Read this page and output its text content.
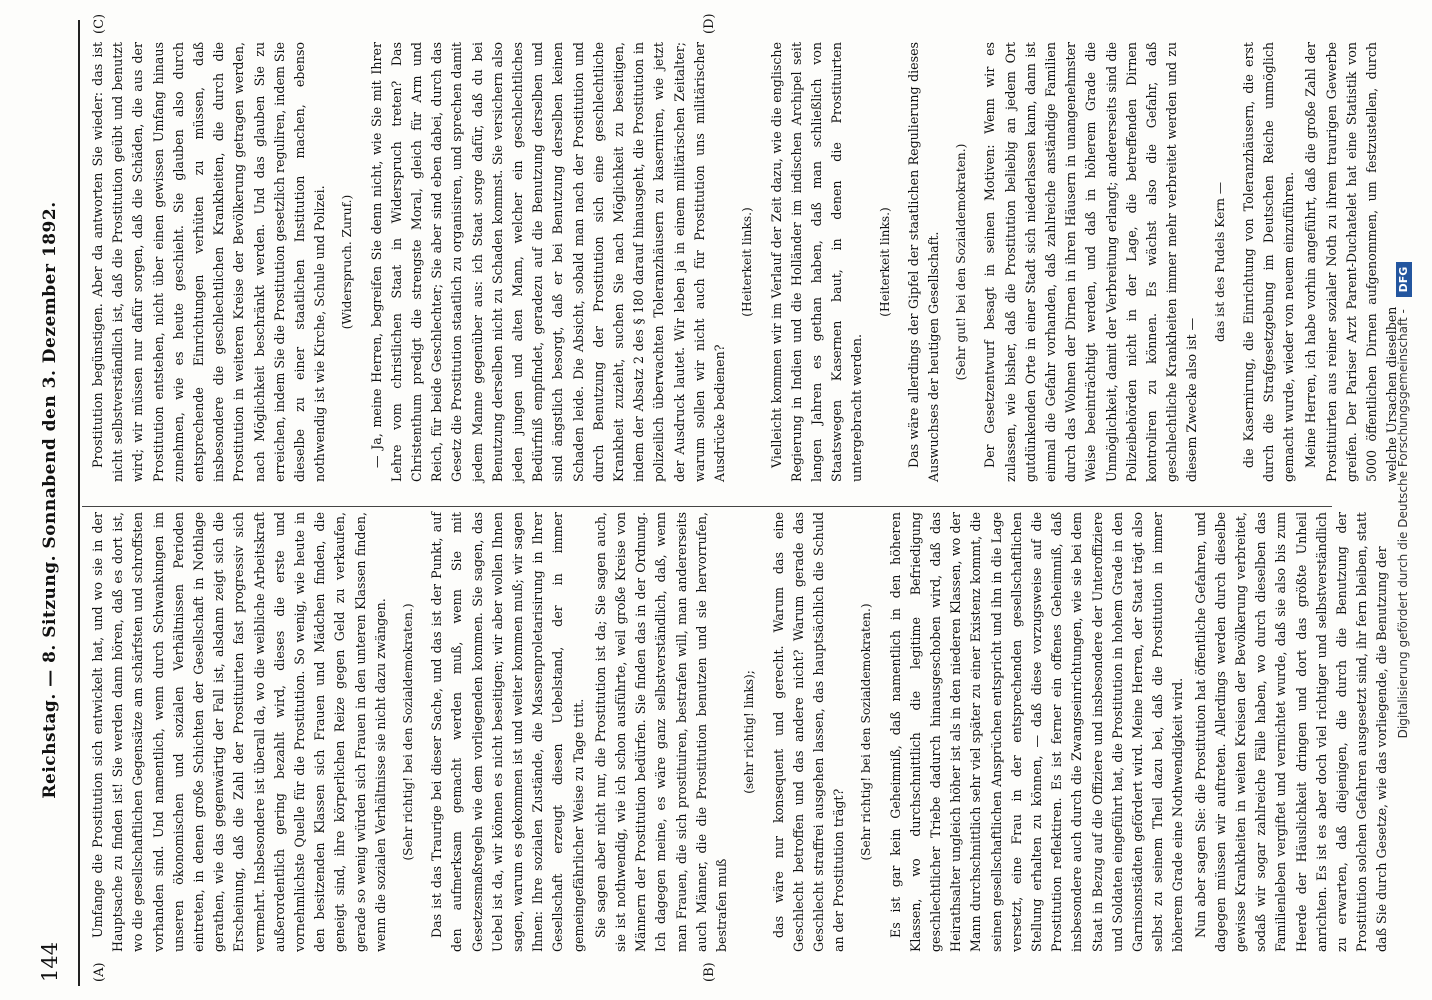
144
Reichstag. — 8. Sitzung. Sonnabend den 3. Dezember 1892.
(A)	(B)
(C)	(D)

Umfange die Prostitution sich entwickelt hat, und wo sie in der Hauptsache zu finden ist! Sie werden dann hören, daß es dort ist, wo die gesellschaftlichen Gegensätze am schärfsten und schroffsten vorhanden sind. Und namentlich, wenn durch Schwankungen im unseren ökonomischen und sozialen Verhältnissen Perioden eintreten, in denen große Schichten der Gesellschaft in Nothlage gerathen, wie das gegenwärtig der Fall ist, alsdann zeigt sich die Erscheinung, daß die Zahl der Prostituirten fast progressiv sich vermehrt. Insbesondere ist überall da, wo die weibliche Arbeitskraft außerordentlich gering bezahlt wird, dieses die erste und vornehmlichste Quelle für die Prostitution. So wenig, wie heute in den besitzenden Klassen sich Frauen und Mädchen finden, die geneigt sind, ihre körperlichen Reize gegen Geld zu verkaufen, gerade so wenig würden sich Frauen in den unteren Klassen finden, wenn die sozialen Verhältnisse sie nicht dazu zwängen. (Sehr richtig! bei den Sozialdemokraten.) Das ist das Traurige bei dieser Sache, und das ist der Punkt, auf den aufmerksam gemacht werden muß, wenn Sie mit Gesetzesmaßregeln wie dem vorliegenden kommen. Sie sagen, das Uebel ist da, wir können es nicht beseitigen; wir aber wollen Ihnen sagen, warum es gekommen ist und weiter kommen muß; wir sagen Ihnen: Ihre sozialen Zustände, die Massenproletarisirung in Ihrer Gesellschaft erzeugt diesen Uebelstand, der in immer gemeingefährlicher Weise zu Tage tritt. Sie sagen aber nicht nur, die Prostitution ist da; Sie sagen auch, sie ist nothwendig, wie ich schon ausführte, weil große Kreise von Männern der Prostitution bedürfen. Sie finden das in der Ordnung. Ich dagegen meine, es wäre ganz selbstverständlich, daß, wenn man Frauen, die sich prostituiren, bestrafen will, man andererseits auch Männer, die die Prostitution benutzen und sie hervorrufen, bestrafen muß

(sehr richtig! links); das wäre nur konsequent und gerecht. Warum das eine Geschlecht betroffen und das andere nicht? Warum gerade das Geschlecht straffrei ausgehen lassen, das hauptsächlich die Schuld an der Prostitution trägt?

(Sehr richtig! bei den Sozialdemokraten.) Es ist gar kein Geheimniß, daß namentlich in den höheren Klassen, wo durchschnittlich die legitime Befriedigung geschlechtlicher Triebe dadurch hinausgeschoben wird, daß das Heirathsalter ungleich höher ist als in den niederen Klassen, wo der Mann durchschnittlich sehr viel später zu einer Existenz kommt, die seinen gesellschaftlichen Ansprüchen entspricht und ihn in die Lage versetzt, eine Frau in der entsprechenden gesellschaftlichen Stellung erhalten zu können, — daß diese vorzugsweise auf die Prostitution reflektiren. Es ist ferner ein offenes Geheimniß, daß insbesondere auch durch die Zwangseinrichtungen, wie sie bei dem Staat in Bezug auf die Offiziere und insbesondere der Unteroffiziere und Soldaten eingeführt hat, die Prostitution in hohem Grade in den Garnisonstädten gefördert wird. Meine Herren, der Staat trägt also selbst zu seinem Theil dazu bei, daß die Prostitution in immer höherem Grade eine Nothwendigkeit wird. Nun aber sagen Sie: die Prostitution hat öffentliche Gefahren, und dagegen müssen wir auftreten. Allerdings werden durch dieselbe gewisse Krankheiten in weiten Kreisen der Bevölkerung verbreitet, sodaß wir sogar zahlreiche Fälle haben, wo durch dieselben das Familienleben vergiftet und vernichtet wurde, daß sie also bis zum Heerde der Häuslichkeit dringen und dort das größte Unheil anrichten. Es ist es aber doch viel richtiger und selbstverständlich zu erwarten, daß diejenigen, die durch die Benutzung der Prostitution solchen Gefahren ausgesetzt sind, ihr fern bleiben, statt daß Sie durch Gesetze, wie das vorliegende, die Benutzung der

Prostitution begünstigen. Aber da antworten Sie wieder: das ist nicht selbstverständlich ist, daß die Prostitution geübt und benutzt wird; wir müssen nur dafür sorgen, daß die Schäden, die aus der Prostitution entstehen, nicht über einen gewissen Umfang hinaus zunehmen, wie es heute geschieht. Sie glauben also durch entsprechende Einrichtungen verhüten zu müssen, daß insbesondere die geschlechtlichen Krankheiten, die durch die Prostitution in weiteren Kreise der Bevölkerung getragen werden, nach Möglichkeit beschränkt werden. Und das glauben Sie zu erreichen, indem Sie die Prostitution gesetzlich reguliren, indem Sie dieselbe zu einer staatlichen Institution machen, ebenso nothwendig ist wie Kirche, Schule und Polizei. (Widerspruch. Zuruf.) — Ja, meine Herren, begreifen Sie denn nicht, wie Sie mit Ihrer Lehre vom christlichen Staat in Widerspruch treten? Das Christenthum predigt die strengste Moral, gleich für Arm und Reich, für beide Geschlechter; Sie aber sind eben dabei, durch das Gesetz die Prostitution staatlich zu organisiren, und sprechen damit jedem Manne gegenüber aus: ich Staat sorge dafür, daß du bei Benutzung derselben nicht zu Schaden kommst. Sie versichern also jeden jungen und alten Mann, welcher ein geschlechtliches Bedürfniß empfindet, geradezu auf die Benutzung derselben und sind ängstlich besorgt, daß er bei Benutzung derselben keinen Schaden leide. Die Absicht, sobald man nach der Prostitution und durch Benutzung der Prostitution sich eine geschlechtliche Krankheit zuzieht, suchen Sie nach Möglichkeit zu beseitigen, indem der Absatz 2 des § 180 darauf hinausgeht, die Prostitution in polizeilich überwachten Toleranzhäusern zu kaserniren, wie jetzt der Ausdruck lautet. Wir leben ja in einem militärischen Zeitalter; warum sollen wir nicht auch für Prostitution uns militärischer Ausdrücke bedienen?

(Heiterkeit links.) Vielleicht kommen wir im Verlauf der Zeit dazu, wie die englische Regierung in Indien und die Holländer im indischen Archipel seit langen Jahren es gethan haben, daß man schließlich von Staatswegen Kasernen baut, in denen die Prostituirten untergebracht werden.

(Heiterkeit links.) Das wäre allerdings der Gipfel der staatlichen Regulierung dieses Auswuchses der heutigen Gesellschaft. (Sehr gut! bei den Sozialdemokraten.) Der Gesetzentwurf besagt in seinen Motiven: Wenn wir es zulassen, wie bisher, daß die Prostitution beliebig an jedem Ort gutdünkenden Orte in einer Stadt sich niederlassen kann, dann ist einmal die Gefahr vorhanden, daß zahlreiche anständige Familien durch das Wohnen der Dirnen in ihren Häusern in unangenehmster Weise beeinträchtigt werden, und daß in höherem Grade die Unmöglichkeit, damit der Verbreitung erlangt; andererseits sind die Polizeibehörden nicht in der Lage, die betreffenden Dirnen kontroliren zu können. Es wächst also die Gefahr, daß geschlechtliche Krankheiten immer mehr verbreitet werden und zu diesem Zwecke also ist —

das ist des Pudels Kern — die Kasernirung, die Einrichtung von Toleranzhäusern, die erst durch die Strafgesetzgebung im Deutschen Reiche unmöglich gemacht wurde, wieder von neuem einzuführen. Meine Herren, ich habe vorhin angeführt, daß die große Zahl der Prostituirten aus reiner sozialer Noth zu ihrem traurigen Gewerbe greifen. Der Pariser Arzt Parent-Duchatelet hat eine Statistik von 5000 öffentlichen Dirnen aufgenommen, um festzustellen, durch welche Ursachen dieselben

Digitalisierung gefördert durch die Deutsche Forschungsgemeinschaft - DFG
